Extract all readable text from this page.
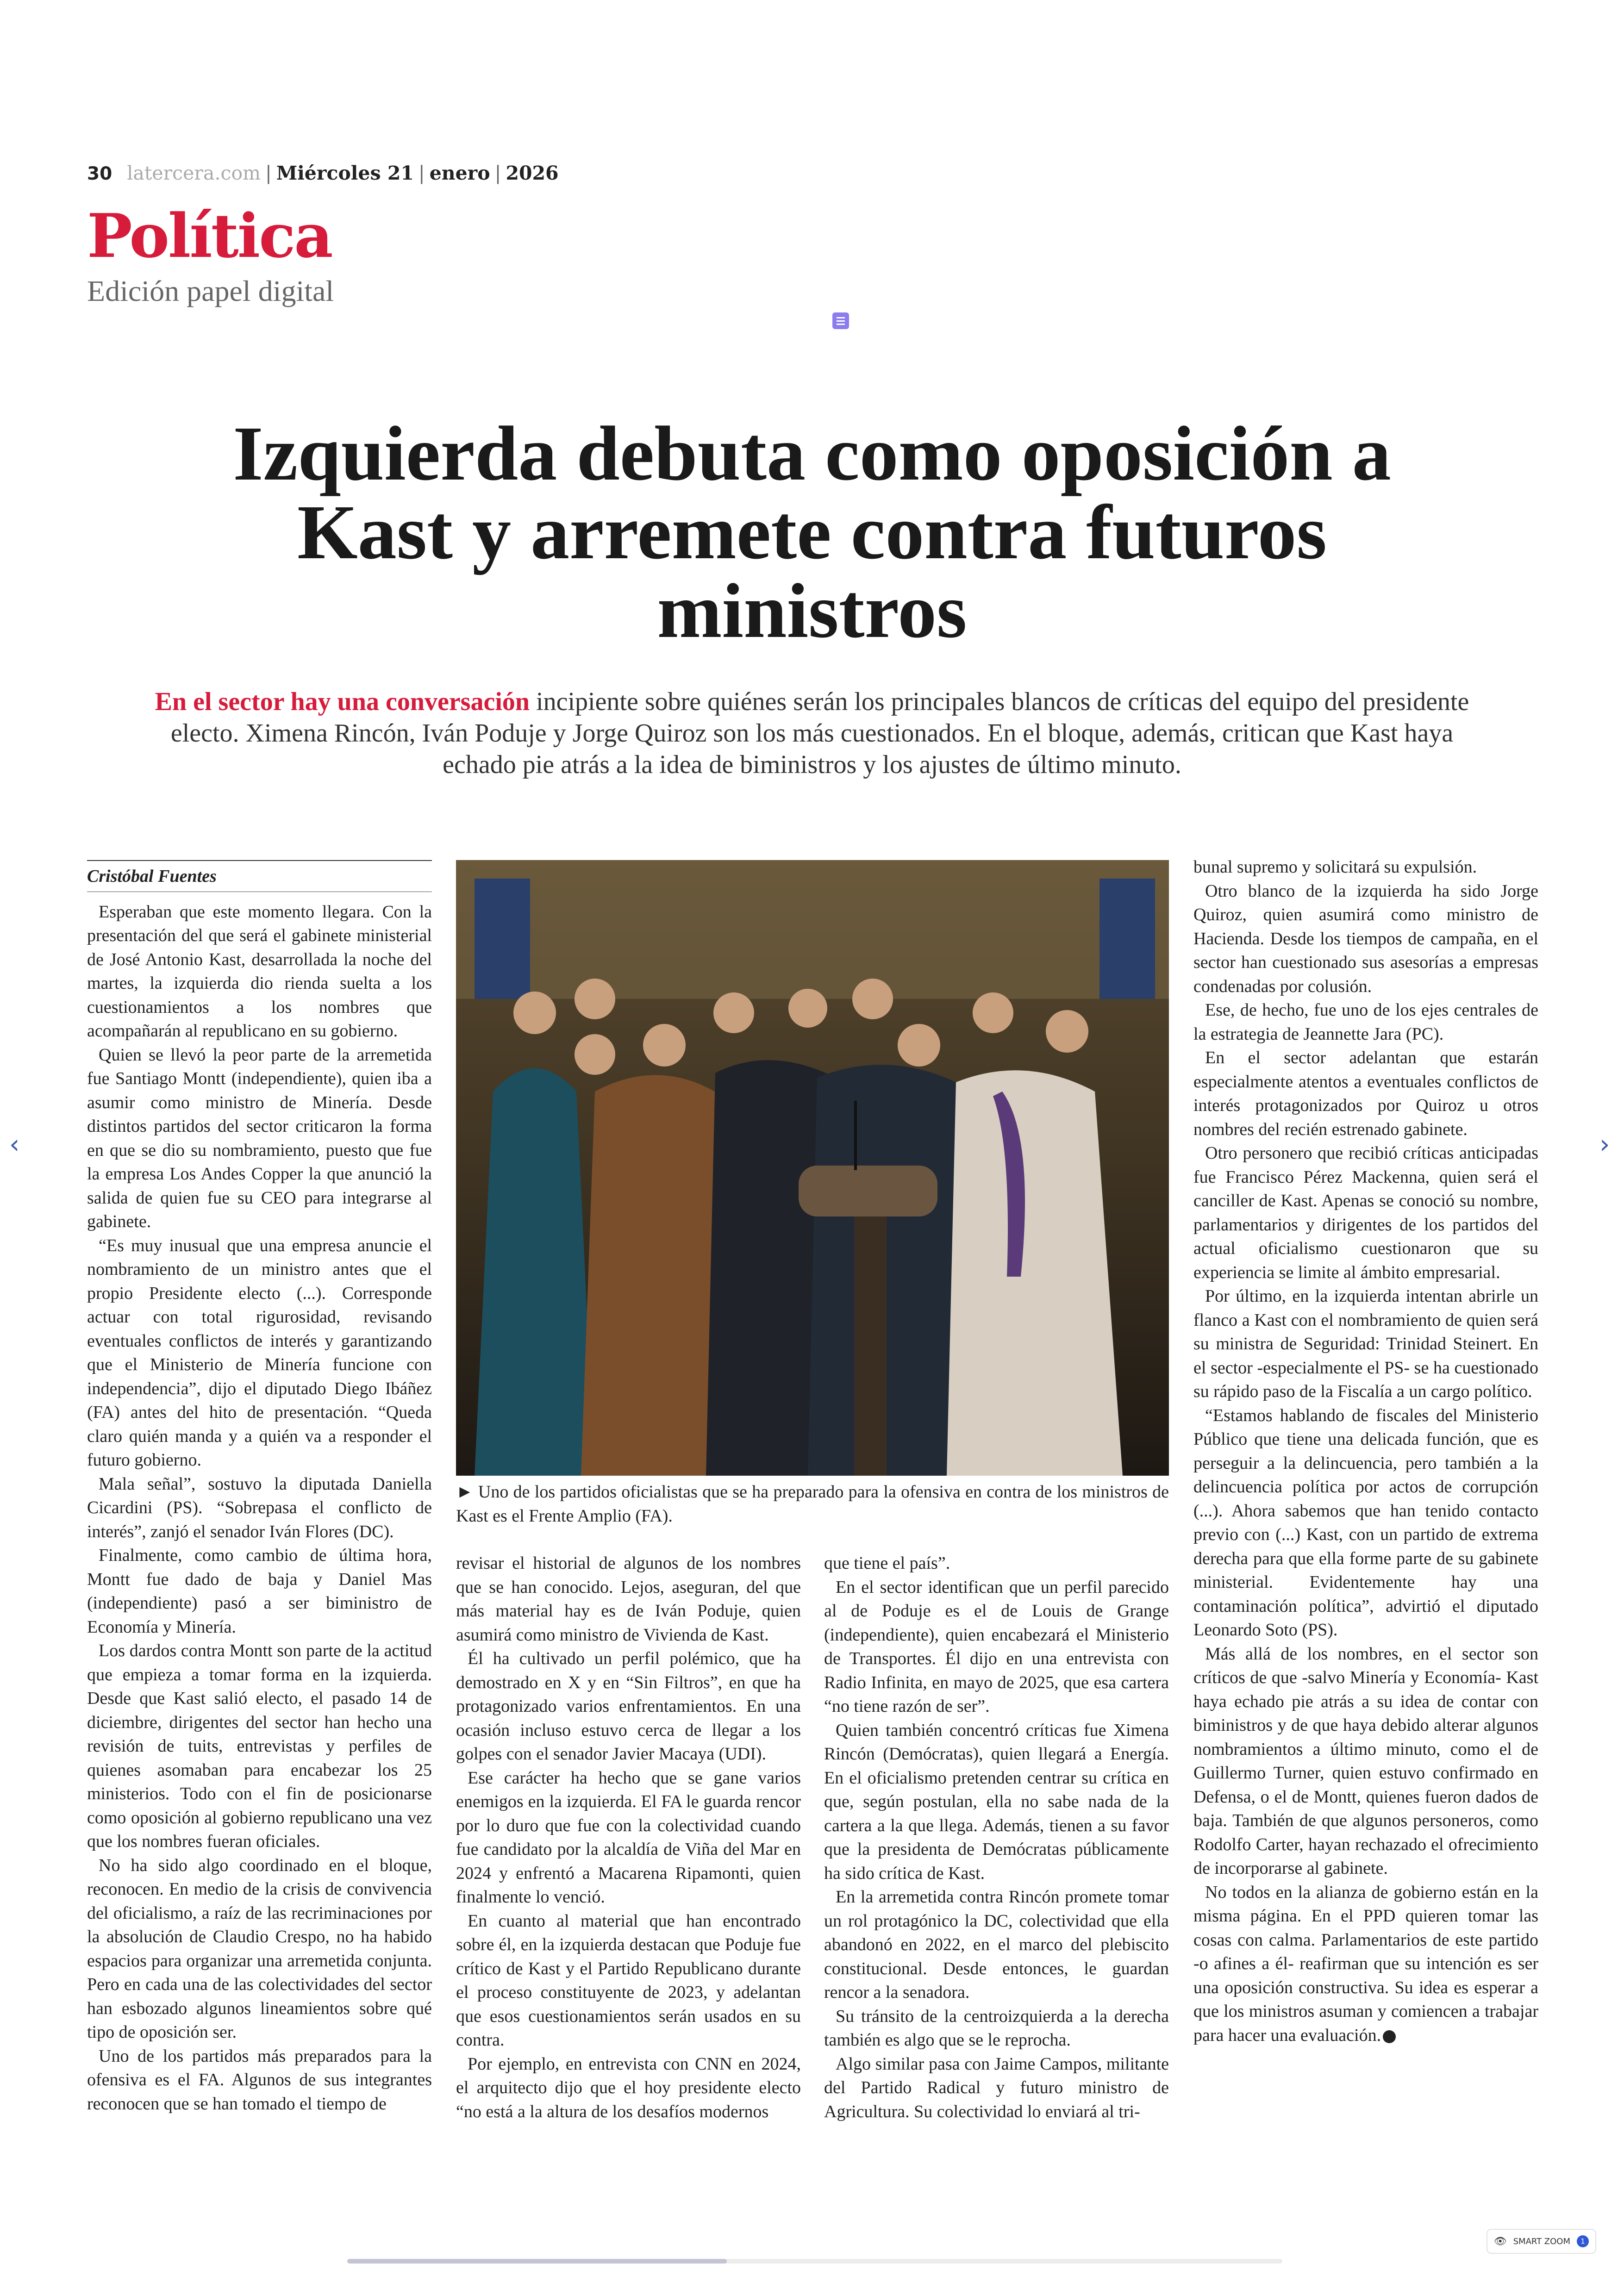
30 latercera.com | Miércoles 21 | enero | 2026
Política
Edición papel digital
Izquierda debuta como oposición a Kast y arremete contra futuros ministros

En el sector hay una conversación incipiente sobre quiénes serán los principales blancos de críticas del equipo del presidente electo. Ximena Rincón, Iván Poduje y Jorge Quiroz son los más cuestionados. En el bloque, además, critican que Kast haya echado pie atrás a la idea de biministros y los ajustes de último minuto.

Cristóbal Fuentes

Esperaban que este momento llegara. Con la presentación del que será el gabinete ministerial de José Antonio Kast, desarrollada la noche del martes, la izquierda dio rienda suelta a los cuestionamientos a los nombres que acompañarán al republicano en su gobierno.

Quien se llevó la peor parte de la arremetida fue Santiago Montt (independiente), quien iba a asumir como ministro de Minería. Desde distintos partidos del sector criticaron la forma en que se dio su nombramiento, puesto que fue la empresa Los Andes Copper la que anunció la salida de quien fue su CEO para integrarse al gabinete.

“Es muy inusual que una empresa anuncie el nombramiento de un ministro antes que el propio Presidente electo (...). Corresponde actuar con total rigurosidad, revisando eventuales conflictos de interés y garantizando que el Ministerio de Minería funcione con independencia”, dijo el diputado Diego Ibáñez (FA) antes del hito de presentación. “Queda claro quién manda y a quién va a responder el futuro gobierno.

Mala señal”, sostuvo la diputada Daniella Cicardini (PS). “Sobrepasa el conflicto de interés”, zanjó el senador Iván Flores (DC).

Finalmente, como cambio de última hora, Montt fue dado de baja y Daniel Mas (independiente) pasó a ser biministro de Economía y Minería.

Los dardos contra Montt son parte de la actitud que empieza a tomar forma en la izquierda. Desde que Kast salió electo, el pasado 14 de diciembre, dirigentes del sector han hecho una revisión de tuits, entrevistas y perfiles de quienes asomaban para encabezar los 25 ministerios. Todo con el fin de posicionarse como oposición al gobierno republicano una vez que los nombres fueran oficiales.

No ha sido algo coordinado en el bloque, reconocen. En medio de la crisis de convivencia del oficialismo, a raíz de las recriminaciones por la absolución de Claudio Crespo, no ha habido espacios para organizar una arremetida conjunta. Pero en cada una de las colectividades del sector han esbozado algunos lineamientos sobre qué tipo de oposición ser.

Uno de los partidos más preparados para la ofensiva es el FA. Algunos de sus integrantes reconocen que se han tomado el tiempo de

► Uno de los partidos oficialistas que se ha preparado para la ofensiva en contra de los ministros de Kast es el Frente Amplio (FA).

revisar el historial de algunos de los nombres que se han conocido. Lejos, aseguran, del que más material hay es de Iván Poduje, quien asumirá como ministro de Vivienda de Kast.

Él ha cultivado un perfil polémico, que ha demostrado en X y en “Sin Filtros”, en que ha protagonizado varios enfrentamientos. En una ocasión incluso estuvo cerca de llegar a los golpes con el senador Javier Macaya (UDI).

Ese carácter ha hecho que se gane varios enemigos en la izquierda. El FA le guarda rencor por lo duro que fue con la colectividad cuando fue candidato por la alcaldía de Viña del Mar en 2024 y enfrentó a Macarena Ripamonti, quien finalmente lo venció.

En cuanto al material que han encontrado sobre él, en la izquierda destacan que Poduje fue crítico de Kast y el Partido Republicano durante el proceso constituyente de 2023, y adelantan que esos cuestionamientos serán usados en su contra.

Por ejemplo, en entrevista con CNN en 2024, el arquitecto dijo que el hoy presidente electo “no está a la altura de los desafíos modernos

que tiene el país”.

En el sector identifican que un perfil parecido al de Poduje es el de Louis de Grange (independiente), quien encabezará el Ministerio de Transportes. Él dijo en una entrevista con Radio Infinita, en mayo de 2025, que esa cartera “no tiene razón de ser”.

Quien también concentró críticas fue Ximena Rincón (Demócratas), quien llegará a Energía. En el oficialismo pretenden centrar su crítica en que, según postulan, ella no sabe nada de la cartera a la que llega. Además, tienen a su favor que la presidenta de Demócratas públicamente ha sido crítica de Kast.

En la arremetida contra Rincón promete tomar un rol protagónico la DC, colectividad que ella abandonó en 2022, en el marco del plebiscito constitucional. Desde entonces, le guardan rencor a la senadora.

Su tránsito de la centroizquierda a la derecha también es algo que se le reprocha.

Algo similar pasa con Jaime Campos, militante del Partido Radical y futuro ministro de Agricultura. Su colectividad lo enviará al tri-

bunal supremo y solicitará su expulsión.

Otro blanco de la izquierda ha sido Jorge Quiroz, quien asumirá como ministro de Hacienda. Desde los tiempos de campaña, en el sector han cuestionado sus asesorías a empresas condenadas por colusión.

Ese, de hecho, fue uno de los ejes centrales de la estrategia de Jeannette Jara (PC).

En el sector adelantan que estarán especialmente atentos a eventuales conflictos de interés protagonizados por Quiroz u otros nombres del recién estrenado gabinete.

Otro personero que recibió críticas anticipadas fue Francisco Pérez Mackenna, quien será el canciller de Kast. Apenas se conoció su nombre, parlamentarios y dirigentes de los partidos del actual oficialismo cuestionaron que su experiencia se limite al ámbito empresarial.

Por último, en la izquierda intentan abrirle un flanco a Kast con el nombramiento de quien será su ministra de Seguridad: Trinidad Steinert. En el sector -especialmente el PS- se ha cuestionado su rápido paso de la Fiscalía a un cargo político.

“Estamos hablando de fiscales del Ministerio Público que tiene una delicada función, que es perseguir a la delincuencia, pero también a la delincuencia política por actos de corrupción (...). Ahora sabemos que han tenido contacto previo con (...) Kast, con un partido de extrema derecha para que ella forme parte de su gabinete ministerial. Evidentemente hay una contaminación política”, advirtió el diputado Leonardo Soto (PS).

Más allá de los nombres, en el sector son críticos de que -salvo Minería y Economía- Kast haya echado pie atrás a su idea de contar con biministros y de que haya debido alterar algunos nombramientos a último minuto, como el de Guillermo Turner, quien estuvo confirmado en Defensa, o el de Montt, quienes fueron dados de baja. También de que algunos personeros, como Rodolfo Carter, hayan rechazado el ofrecimiento de incorporarse al gabinete.

No todos en la alianza de gobierno están en la misma página. En el PPD quieren tomar las cosas con calma. Parlamentarios de este partido -o afines a él- reafirman que su intención es ser una oposición constructiva. Su idea es esperar a que los ministros asuman y comiencen a trabajar para hacer una evaluación.

‹	›
👁 SMART ZOOM	1
